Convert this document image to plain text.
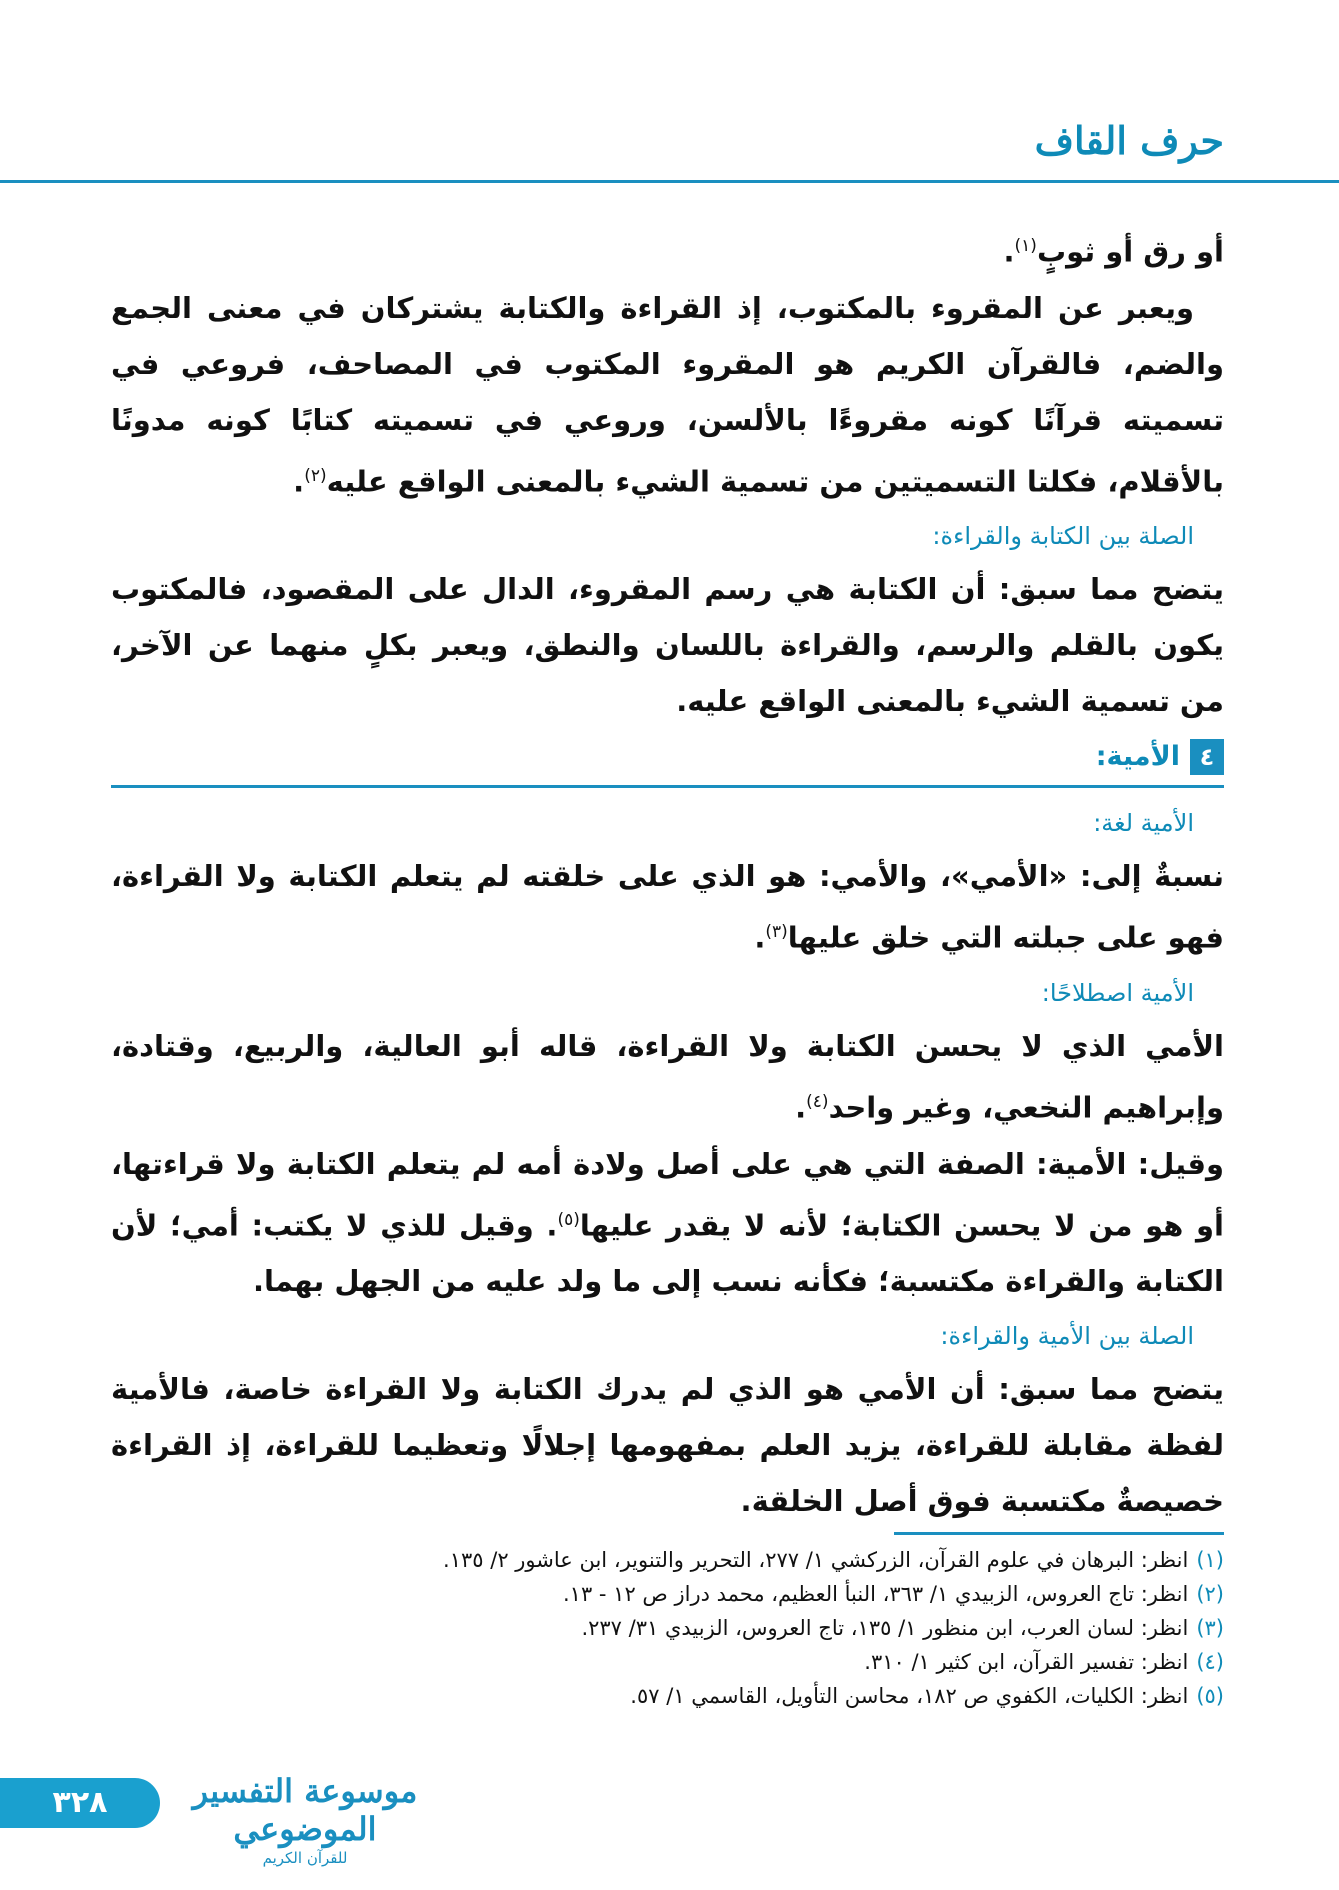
حرف القاف

أو رق أو ثوبٍ$^{(١)}$.

ويعبر عن المقروء بالمكتوب، إذ القراءة والكتابة يشتركان في معنى الجمع والضم، فالقرآن الكريم هو المقروء المكتوب في المصاحف، فروعي في تسميته قرآنًا كونه مقروءًا بالألسن، وروعي في تسميته كتابًا كونه مدونًا بالأقلام، فكلتا التسميتين من تسمية الشيء بالمعنى الواقع عليه$^{(٢)}$.

الصلة بين الكتابة والقراءة:

يتضح مما سبق: أن الكتابة هي رسم المقروء، الدال على المقصود، فالمكتوب يكون بالقلم والرسم، والقراءة باللسان والنطق، ويعبر بكلٍ منهما عن الآخر، من تسمية الشيء بالمعنى الواقع عليه.

٤
الأمية:
الأمية لغة:

نسبةٌ إلى: «الأمي»، والأمي: هو الذي على خلقته لم يتعلم الكتابة ولا القراءة، فهو على جبلته التي خلق عليها$^{(٣)}$.

الأمية اصطلاحًا:

الأمي الذي لا يحسن الكتابة ولا القراءة، قاله أبو العالية، والربيع، وقتادة، وإبراهيم النخعي، وغير واحد$^{(٤)}$.

وقيل: الأمية: الصفة التي هي على أصل ولادة أمه لم يتعلم الكتابة ولا قراءتها، أو هو من لا يحسن الكتابة؛ لأنه لا يقدر عليها$^{(٥)}$. وقيل للذي لا يكتب: أمي؛ لأن الكتابة والقراءة مكتسبة؛ فكأنه نسب إلى ما ولد عليه من الجهل بهما.

الصلة بين الأمية والقراءة:

يتضح مما سبق: أن الأمي هو الذي لم يدرك الكتابة ولا القراءة خاصة، فالأمية لفظة مقابلة للقراءة، يزيد العلم بمفهومها إجلالًا وتعظيما للقراءة، إذ القراءة خصيصةٌ مكتسبة فوق أصل الخلقة.

(١)انظر: البرهان في علوم القرآن، الزركشي ١/ ٢٧٧، التحرير والتنوير، ابن عاشور ٢/ ١٣٥.
(٢)انظر: تاج العروس، الزبيدي ١/ ٣٦٣، النبأ العظيم، محمد دراز ص ١٢ - ١٣.
(٣)انظر: لسان العرب، ابن منظور ١/ ١٣٥، تاج العروس، الزبيدي ٣١/ ٢٣٧.
(٤)انظر: تفسير القرآن، ابن كثير ١/ ٣١٠.
(٥)انظر: الكليات، الكفوي ص ١٨٢، محاسن التأويل، القاسمي ١/ ٥٧.
٣٢٨	موسوعة التفسير الموضوعي
للقرآن الكريم
